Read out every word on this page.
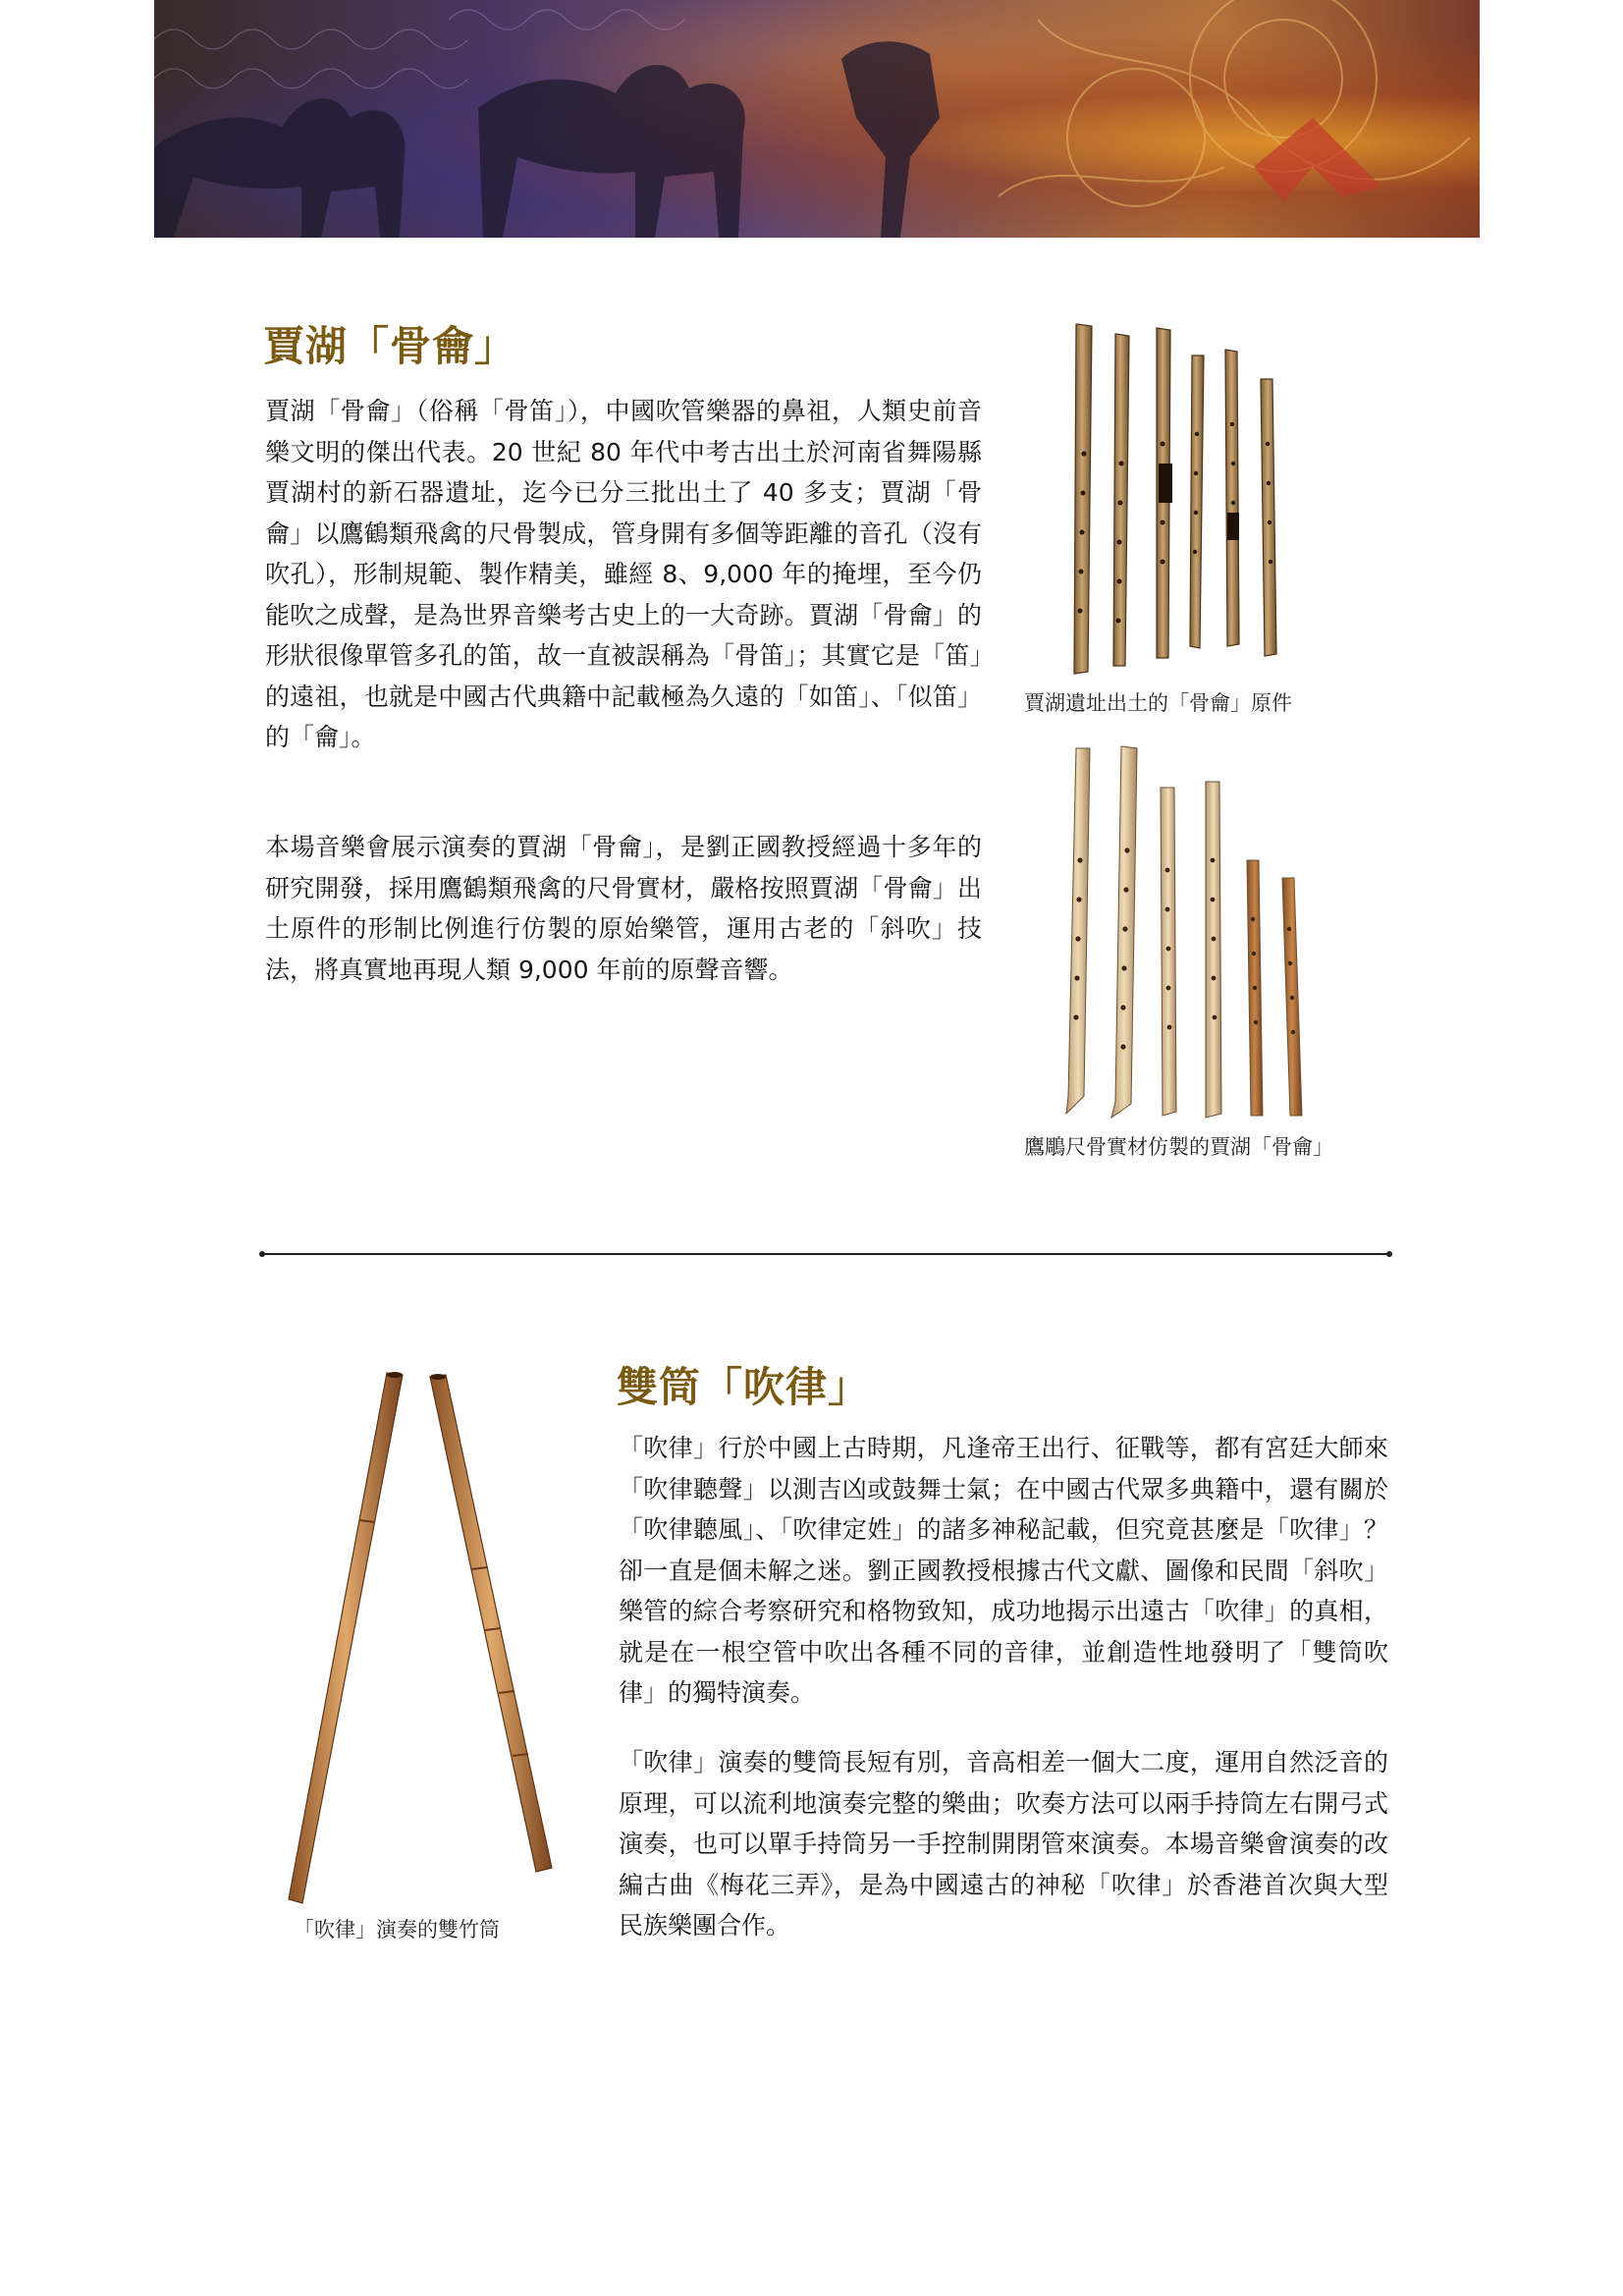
賈湖「骨龠」

賈湖「骨龠」（俗稱「骨笛」），中國吹管樂器的鼻祖，人類史前音樂文明的傑出代表。20 世紀 80 年代中考古出土於河南省舞陽縣賈湖村的新石器遺址，迄今已分三批出土了 40 多支；賈湖「骨龠」以鷹鶴類飛禽的尺骨製成，管身開有多個等距離的音孔（沒有吹孔），形制規範、製作精美，雖經 8、9,000 年的掩埋，至今仍能吹之成聲，是為世界音樂考古史上的一大奇跡。賈湖「骨龠」的形狀很像單管多孔的笛，故一直被誤稱為「骨笛」；其實它是「笛」的遠祖，也就是中國古代典籍中記載極為久遠的「如笛」、「似笛」的「龠」。

本場音樂會展示演奏的賈湖「骨龠」，是劉正國教授經過十多年的研究開發，採用鷹鶴類飛禽的尺骨實材，嚴格按照賈湖「骨龠」出土原件的形制比例進行仿製的原始樂管，運用古老的「斜吹」技法，將真實地再現人類 9,000 年前的原聲音響。

賈湖遺址出土的「骨龠」原件

鷹鵰尺骨實材仿製的賈湖「骨龠」

「吹律」演奏的雙竹筒

雙筒「吹律」

「吹律」行於中國上古時期，凡逢帝王出行、征戰等，都有宮廷大師來「吹律聽聲」以測吉凶或鼓舞士氣；在中國古代眾多典籍中，還有關於「吹律聽風」、「吹律定姓」的諸多神秘記載，但究竟甚麼是「吹律」？卻一直是個未解之迷。劉正國教授根據古代文獻、圖像和民間「斜吹」樂管的綜合考察研究和格物致知，成功地揭示出遠古「吹律」的真相，就是在一根空管中吹出各種不同的音律，並創造性地發明了「雙筒吹律」的獨特演奏。

「吹律」演奏的雙筒長短有別，音高相差一個大二度，運用自然泛音的原理，可以流利地演奏完整的樂曲；吹奏方法可以兩手持筒左右開弓式演奏，也可以單手持筒另一手控制開閉管來演奏。本場音樂會演奏的改編古曲《梅花三弄》，是為中國遠古的神秘「吹律」於香港首次與大型民族樂團合作。
